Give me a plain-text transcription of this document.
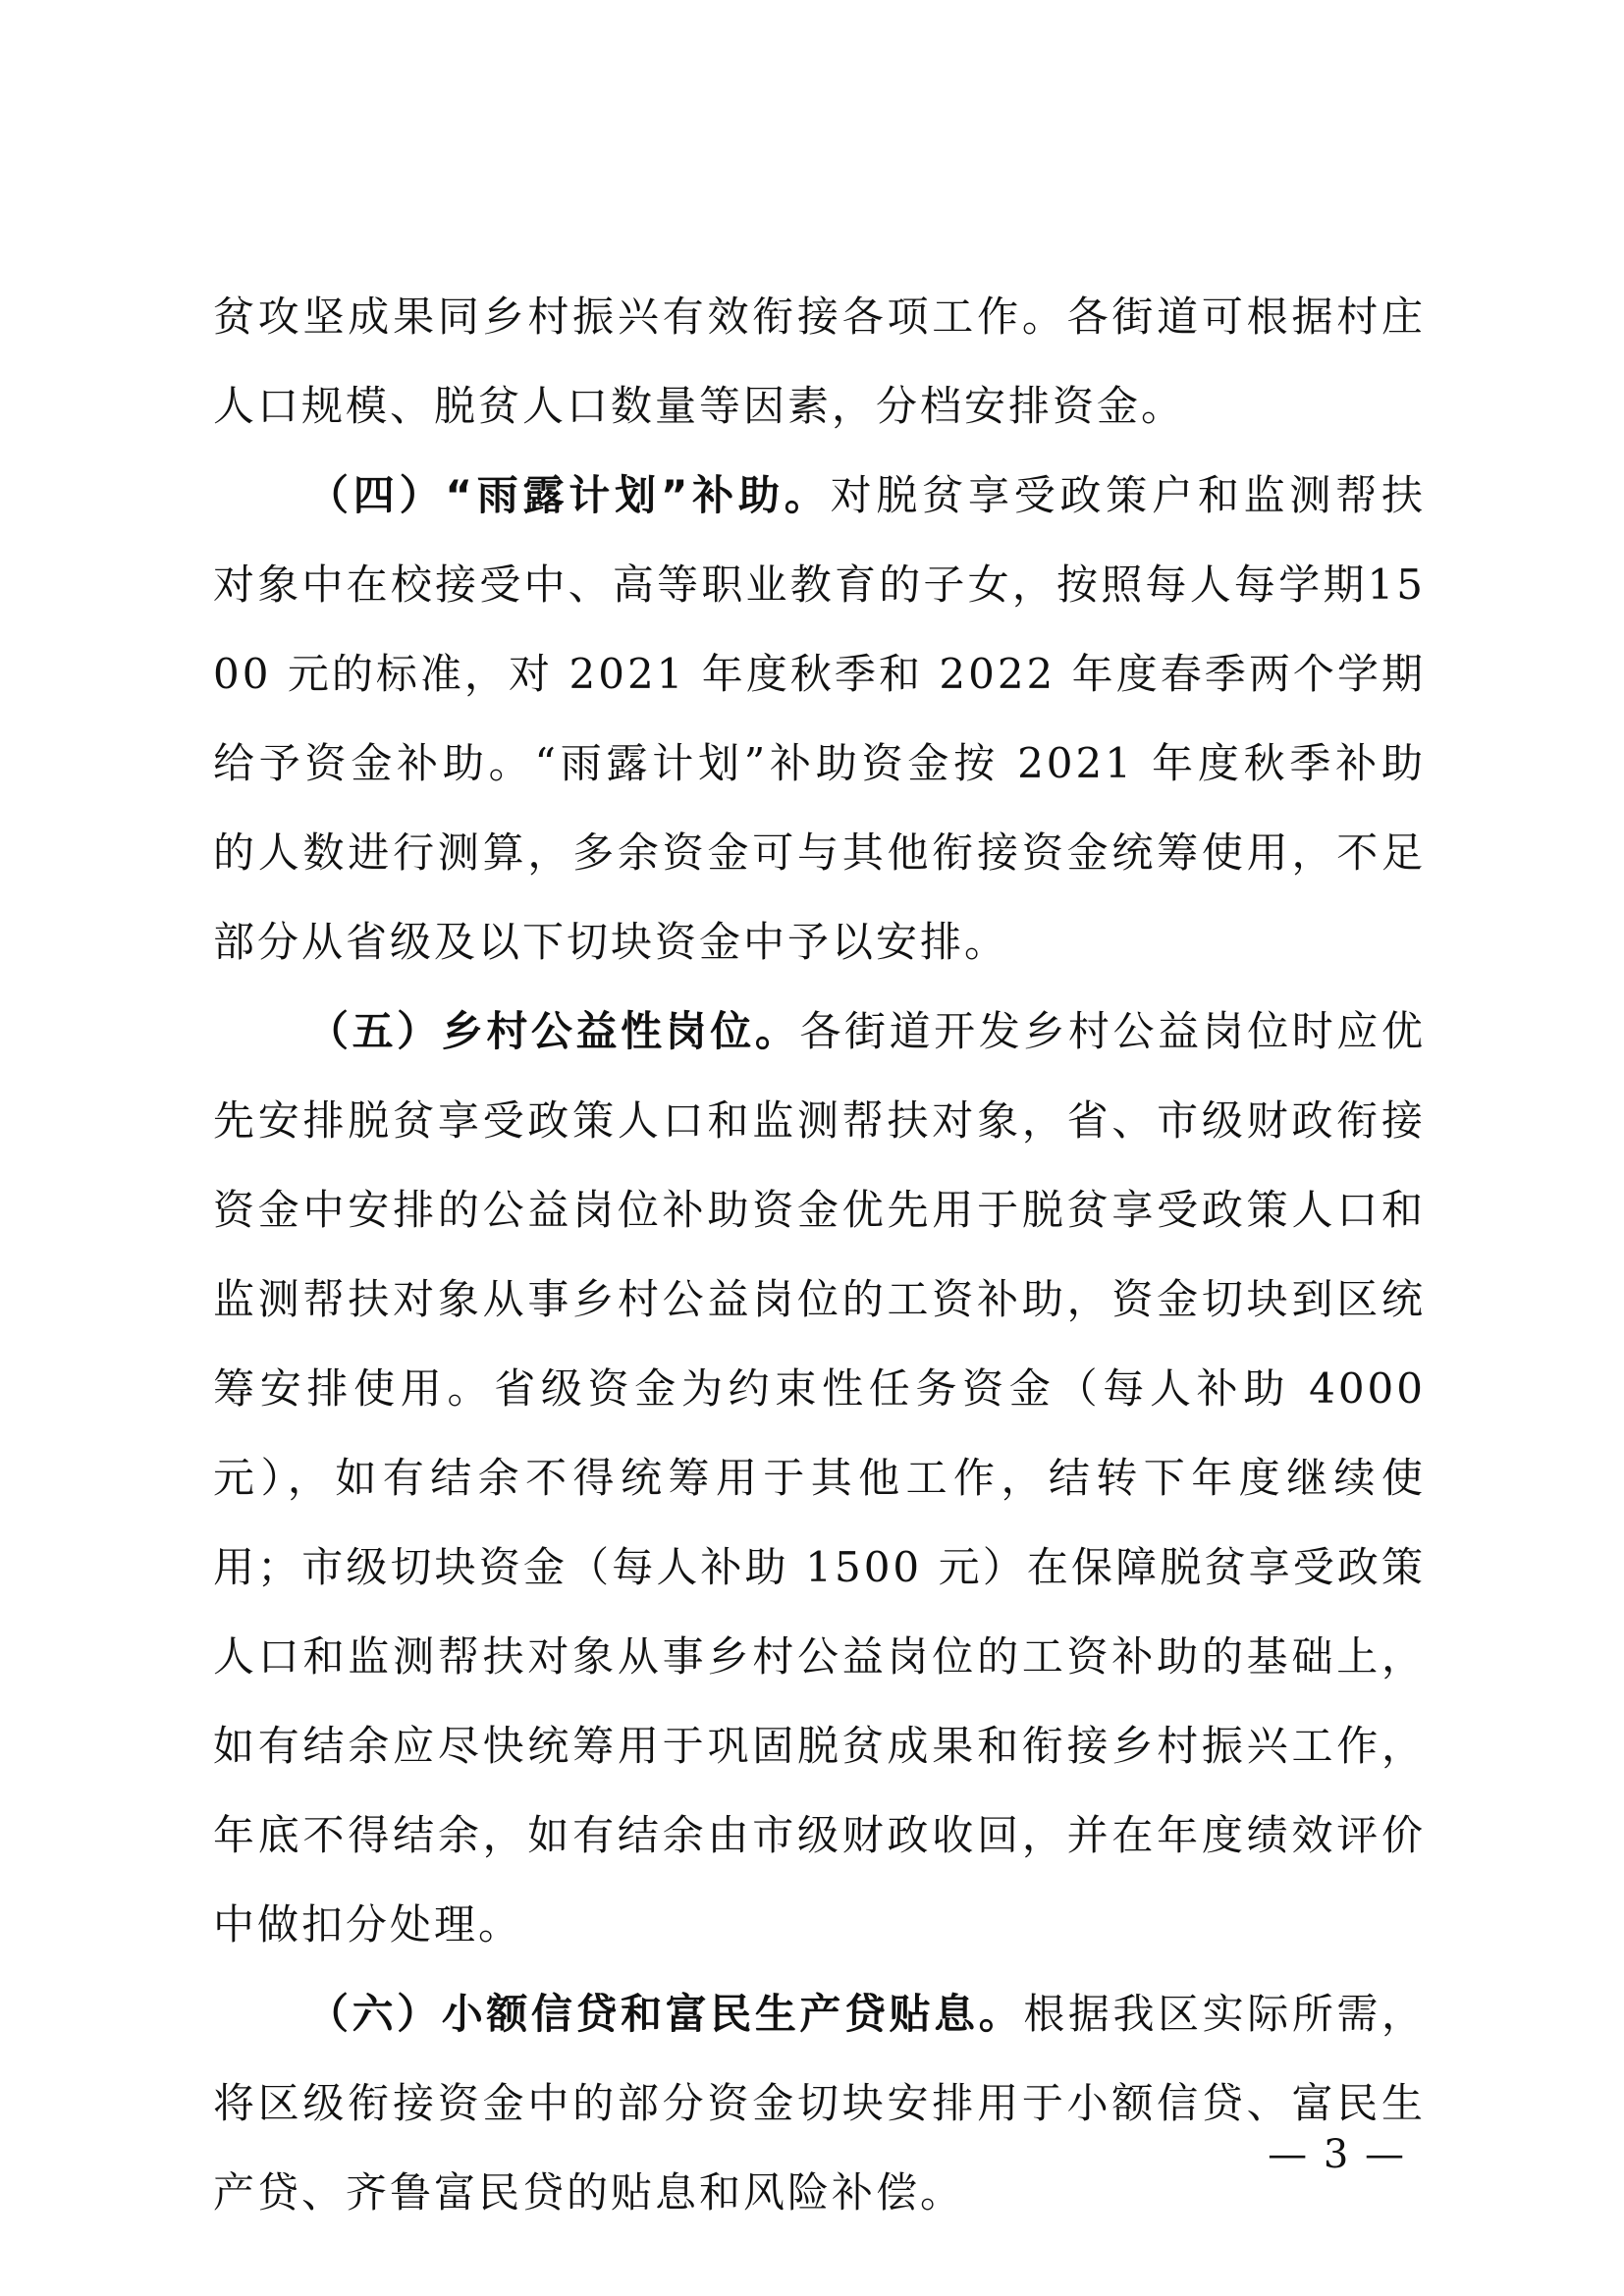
贫攻坚成果同乡村振兴有效衔接各项工作。各街道可根据村庄人口规模、脱贫人口数量等因素，分档安排资金。

（四）“雨露计划”补助。对脱贫享受政策户和监测帮扶对象中在校接受中、高等职业教育的子女，按照每人每学期1500 元的标准，对 2021 年度秋季和 2022 年度春季两个学期给予资金补助。“雨露计划”补助资金按 2021 年度秋季补助的人数进行测算，多余资金可与其他衔接资金统筹使用，不足部分从省级及以下切块资金中予以安排。

（五）乡村公益性岗位。各街道开发乡村公益岗位时应优先安排脱贫享受政策人口和监测帮扶对象，省、市级财政衔接资金中安排的公益岗位补助资金优先用于脱贫享受政策人口和监测帮扶对象从事乡村公益岗位的工资补助，资金切块到区统筹安排使用。省级资金为约束性任务资金（每人补助 4000 元），如有结余不得统筹用于其他工作，结转下年度继续使用；市级切块资金（每人补助 1500 元）在保障脱贫享受政策人口和监测帮扶对象从事乡村公益岗位的工资补助的基础上，如有结余应尽快统筹用于巩固脱贫成果和衔接乡村振兴工作，年底不得结余，如有结余由市级财政收回，并在年度绩效评价中做扣分处理。

（六）小额信贷和富民生产贷贴息。根据我区实际所需，将区级衔接资金中的部分资金切块安排用于小额信贷、富民生产贷、齐鲁富民贷的贴息和风险补偿。

— 3 —
